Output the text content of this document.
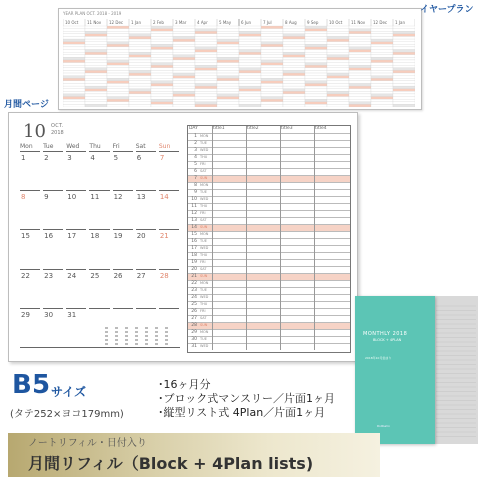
YEAR PLAN OCT. 2018 - 2019
10 Oct 11 Nov 12 Dec 1 Jan	2 Feb	3 Mar	4 Apr	5 May 6 Jun	7 Jul	8 Aug	9 Sep	10 Oct 11 Nov 12 Dec 1 Jan
イヤープラン
月間ページ
10 OCT.
2018
Mon Tue Wed Thu Fri	Sat Sun
1	2	3	4	5	6	7
8	9	10 11 12 13 14
15 16 17 18 19 20 21
22 23 24 25 26 27 28
29 30 31
DAY	title1	title2	title3	title4
1 MON
2 TUE
3 WED
4 THU
5 FRI
6 SAT
7 SUN
8 MON
9 TUE
10 WED
11 THU
12 FRI
13 SAT
14 SUN
15 MON
16 TUE
17 WED
18 THU
19 FRI
20 SAT
21 SUN
22 MON
23 TUE
24 WED
25 THU
26 FRI
27 SAT
28 SUN
29 MON
30 TUE
31 WED
MONTHLY 2018
BLOCK + 4PLAN
2018年10月始まり
Rollbahn
B 5 サイズ
(タテ252×ヨコ179mm)
･16ヶ月分
･ブロック式マンスリー／片面1ヶ月
･縦型リスト式 4Plan／片面1ヶ月
ノートリフィル・日付入り
月間リフィル（Block + 4Plan lists)
